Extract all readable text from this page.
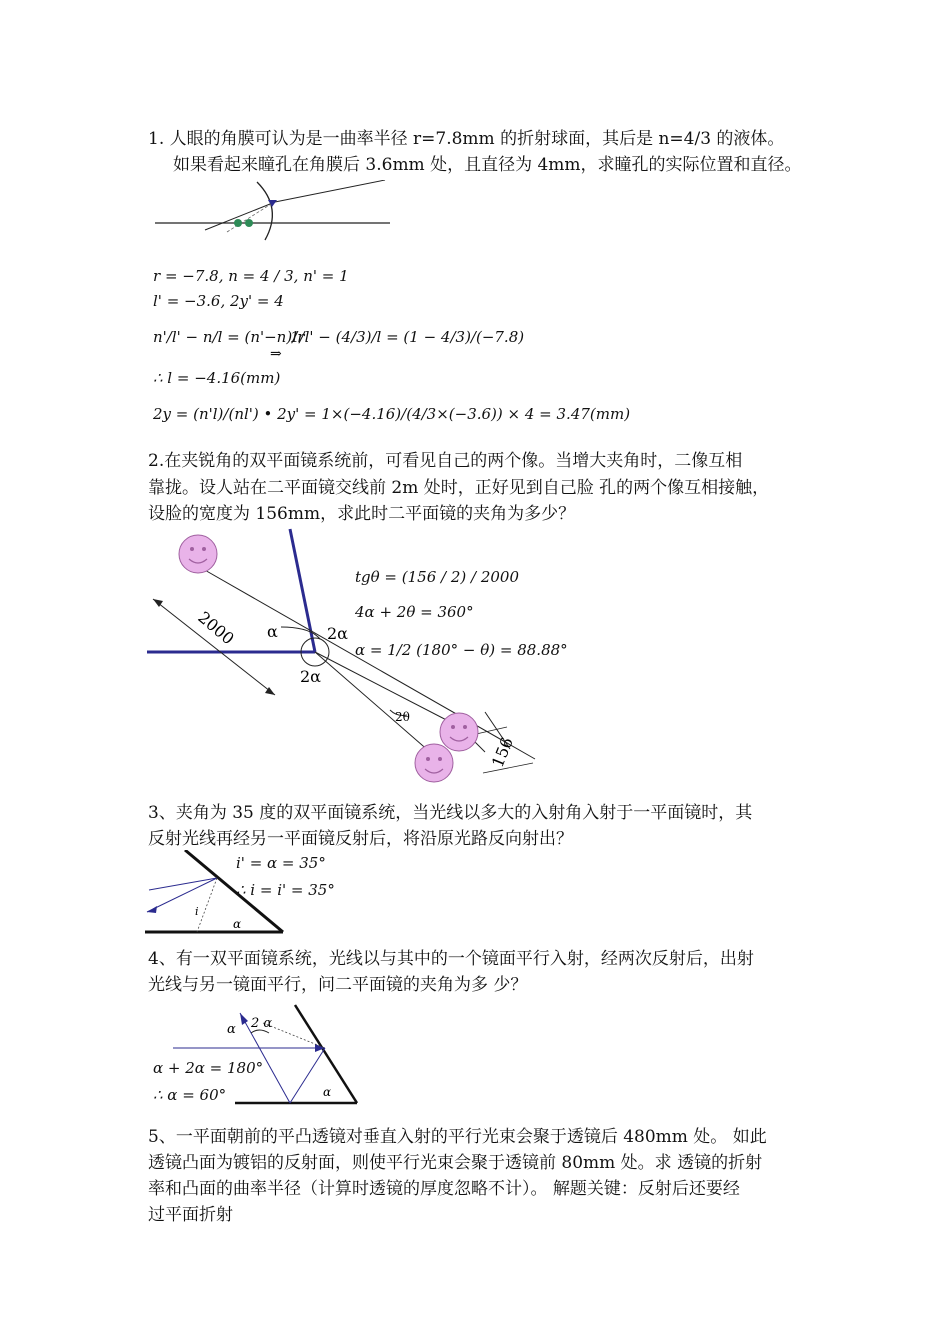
1. 人眼的角膜可认为是一曲率半径 r=7.8mm 的折射球面，其后是 n=4/3 的液体。
如果看起来瞳孔在角膜后 3.6mm 处，且直径为 4mm，求瞳孔的实际位置和直径。
r = −7.8, n = 4 / 3, n' = 1
l' = −3.6, 2y' = 4
n'/l' − n/l = (n'−n)/r
⇒
1/l' − (4/3)/l = (1 − 4/3)/(−7.8)
∴ l = −4.16(mm)
2y = (n'l)/(nl') • 2y' = 1×(−4.16)/(4/3×(−3.6)) × 4 = 3.47(mm)
2.在夹锐角的双平面镜系统前，可看见自己的两个像。当增大夹角时，二像互相
靠拢。设人站在二平面镜交线前 2m 处时，正好见到自己脸 孔的两个像互相接触，
设脸的宽度为 156mm，求此时二平面镜的夹角为多少？
2000 α	2α
2α
2θ
156
tgθ = (156 / 2) / 2000
4α + 2θ = 360°
α = 1/2 (180° − θ) = 88.88°
3、夹角为 35 度的双平面镜系统，当光线以多大的入射角入射于一平面镜时，其
反射光线再经另一平面镜反射后，将沿原光路反向射出？
i
α
i' = α = 35°
∴ i = i' = 35°
4、有一双平面镜系统，光线以与其中的一个镜面平行入射，经两次反射后，出射
光线与另一镜面平行，问二平面镜的夹角为多 少？
α 2 α
α
α + 2α = 180°
∴ α = 60°
5、一平面朝前的平凸透镜对垂直入射的平行光束会聚于透镜后 480mm 处。 如此
透镜凸面为镀铝的反射面，则使平行光束会聚于透镜前 80mm 处。求 透镜的折射
率和凸面的曲率半径（计算时透镜的厚度忽略不计）。 解题关键：反射后还要经
过平面折射
